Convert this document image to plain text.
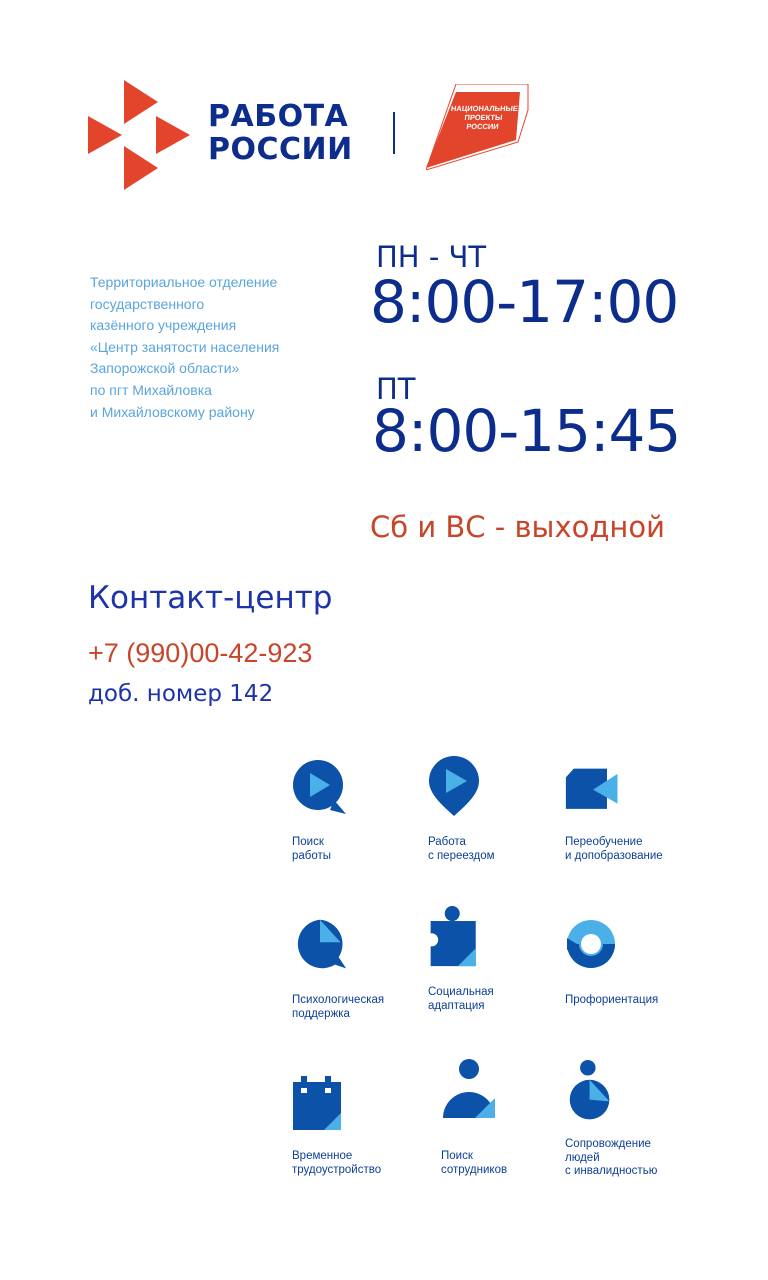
РАБОТА
РОССИИ
КАДРЫ
НАЦИОНАЛЬНЫЕ
ПРОЕКТЫ
РОССИИ
Территориальное отделение
государственного
казённого учреждения
«Центр занятости населения
Запорожской области»
по пгт Михайловка
и Михайловскому району
ПН - ЧТ
8:00-17:00
ПТ
8:00-15:45
Сб и ВС - выходной
Контакт-центр
+7 (990)00-42-923
доб. номер 142
Поиск
работы
Работа
с переездом
Переобучение
и допобразование
Психологическая
поддержка
Социальная
адаптация	Профориентация
Временное
трудоустройство
Поиск
сотрудников
Сопровождение
людей
с инвалидностью
